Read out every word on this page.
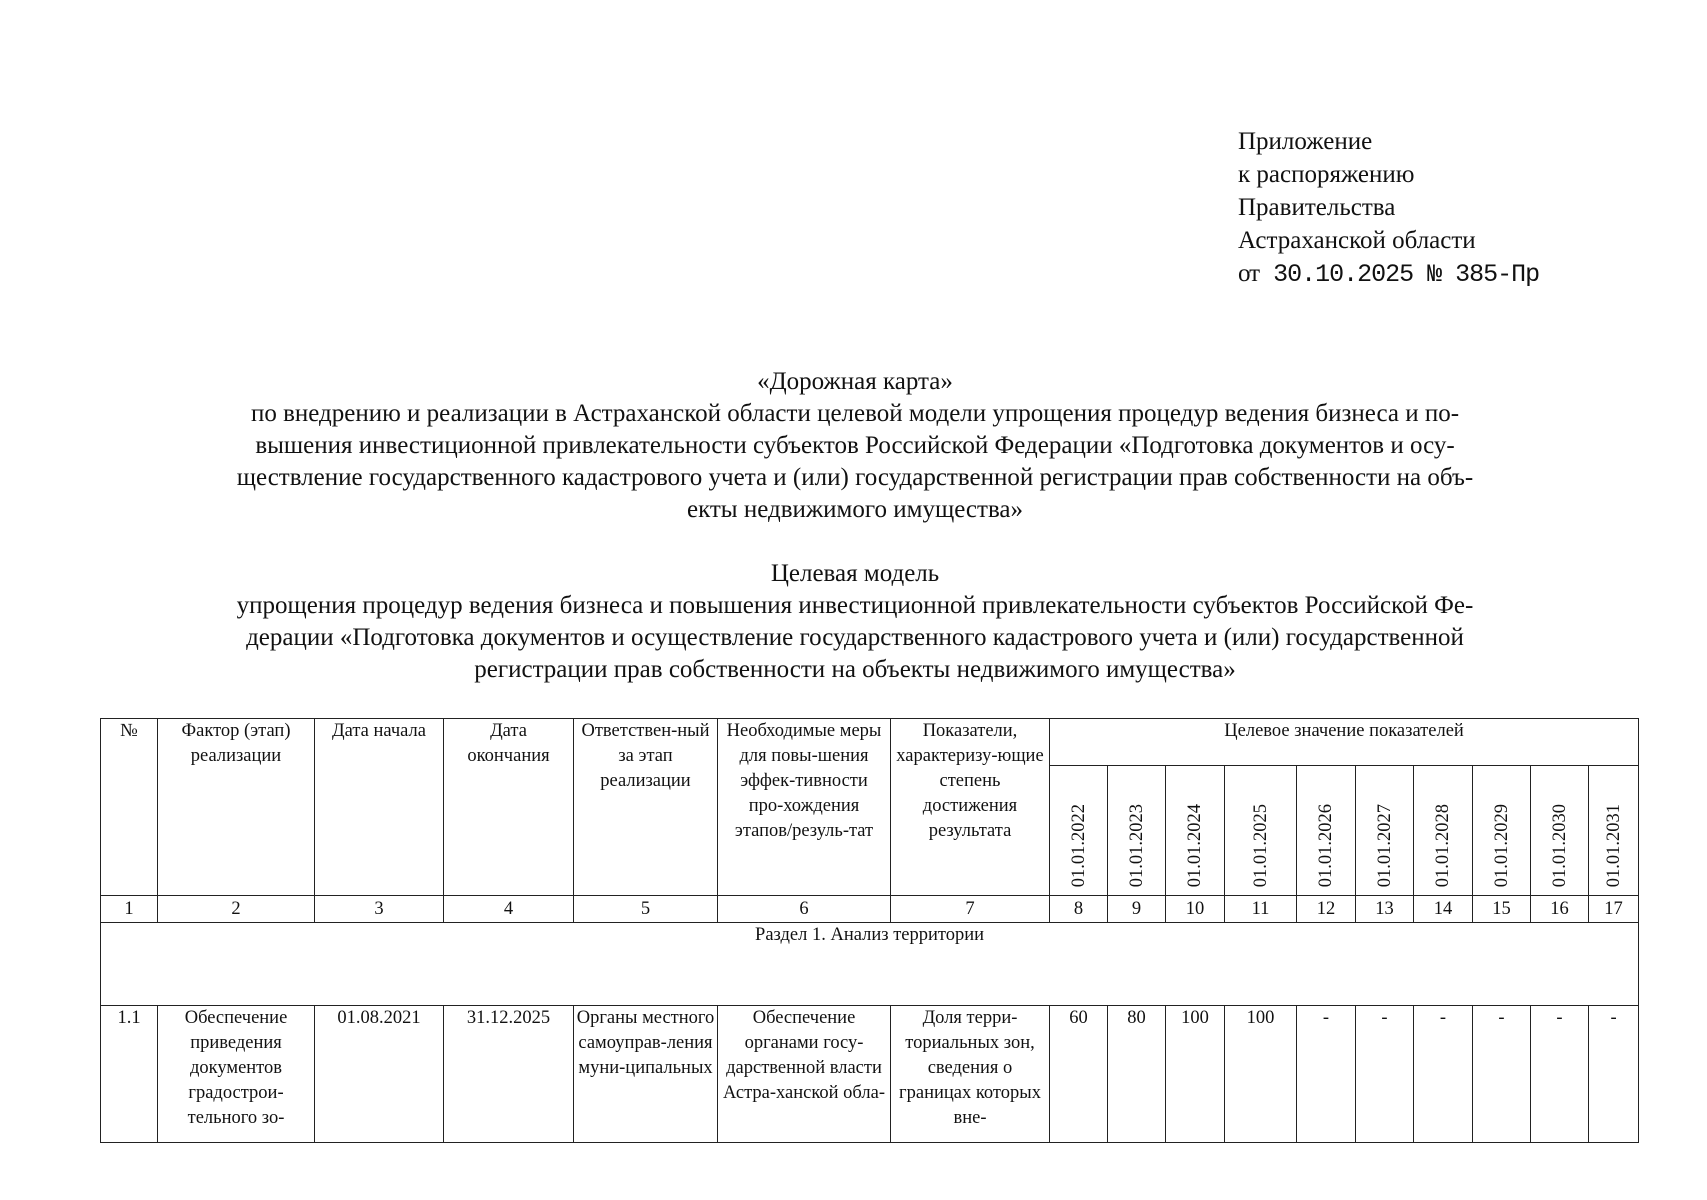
Приложение
к распоряжению
Правительства
Астраханской области
от 30.10.2025 № 385-Пр
«Дорожная карта»
по внедрению и реализации в Астраханской области целевой модели упрощения процедур ведения бизнеса и по-
вышения инвестиционной привлекательности субъектов Российской Федерации «Подготовка документов и осу-
ществление государственного кадастрового учета и (или) государственной регистрации прав собственности на объ-
екты недвижимого имущества»
Целевая модель
упрощения процедур ведения бизнеса и повышения инвестиционной привлекательности субъектов Российской Фе-
дерации «Подготовка документов и осуществление государственного кадастрового учета и (или) государственной
регистрации прав собственности на объекты недвижимого имущества»
№	Фактор (этап) реализации	Дата начала	Дата окончания	Ответствен-ный за этап реализации	Необходимые меры для повы-шения эффек-тивности про-хождения этапов/резуль-тат	Показатели, характеризу-ющие степень достижения результата	Целевое значение показателей									

							01.01.2022	01.01.2023	01.01.2024	01.01.2025	01.01.2026	01.01.2027	01.01.2028	01.01.2029	01.01.2030	01.01.2031
1	2	3	4	5	6	7	8	9	10	11	12	13	14	15	16	17
Раздел 1. Анализ территории																
1.1	Обеспечение приведения документов градострои-тельного зо-	01.08.2021	31.12.2025	Органы местного самоуправ-ления муни-ципальных	Обеспечение органами госу-дарственной власти Астра-ханской обла-	Доля терри-ториальных зон, сведения о границах которых вне-	60	80	100	100	-	-	-	-	-	-
